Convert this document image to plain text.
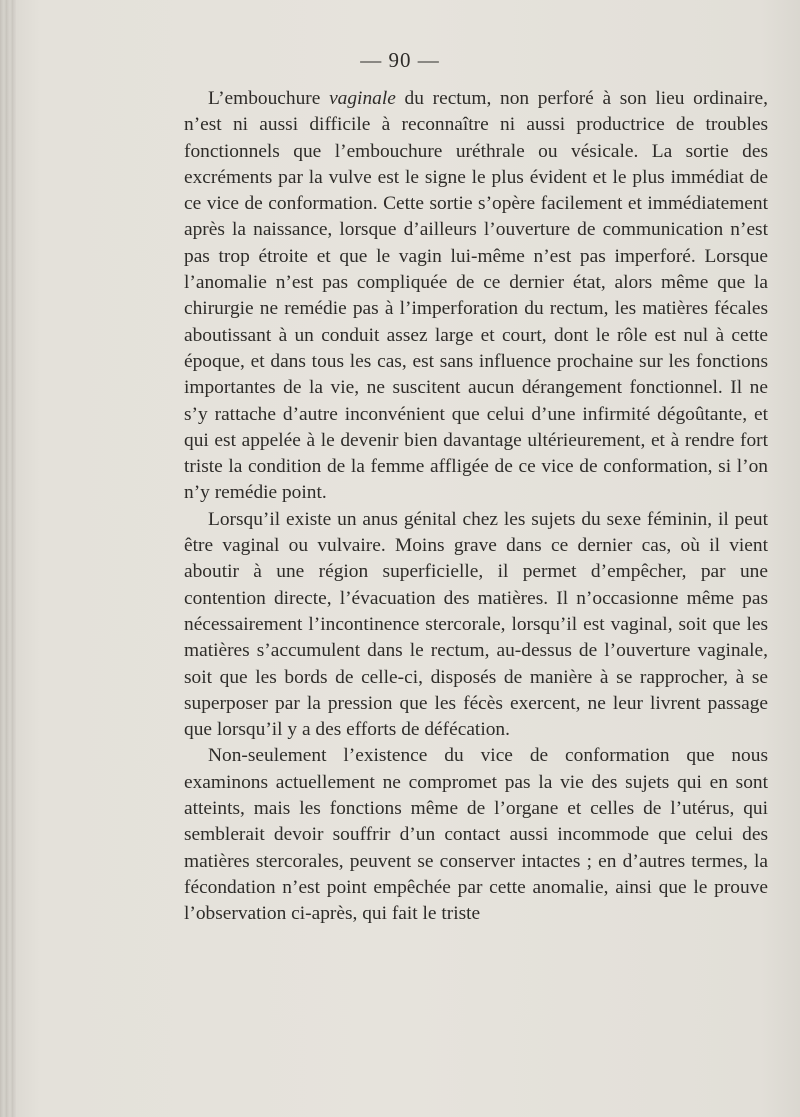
— 90 —

L’embouchure vaginale du rectum, non perforé à son lieu ordinaire, n’est ni aussi difficile à reconnaître ni aussi productrice de troubles fonctionnels que l’embouchure uréthrale ou vésicale. La sortie des excréments par la vulve est le signe le plus évident et le plus immédiat de ce vice de conformation. Cette sortie s’opère facilement et immédiatement après la naissance, lorsque d’ailleurs l’ouverture de communication n’est pas trop étroite et que le vagin lui-même n’est pas imperforé. Lorsque l’anomalie n’est pas compliquée de ce dernier état, alors même que la chirurgie ne remédie pas à l’imperforation du rectum, les matières fécales aboutissant à un conduit assez large et court, dont le rôle est nul à cette époque, et dans tous les cas, est sans influence prochaine sur les fonctions importantes de la vie, ne suscitent aucun dérangement fonctionnel. Il ne s’y rattache d’autre inconvénient que celui d’une infirmité dégoûtante, et qui est appelée à le devenir bien davantage ultérieurement, et à rendre fort triste la condition de la femme affligée de ce vice de conformation, si l’on n’y remédie point.

Lorsqu’il existe un anus génital chez les sujets du sexe féminin, il peut être vaginal ou vulvaire. Moins grave dans ce dernier cas, où il vient aboutir à une région superficielle, il permet d’empêcher, par une contention directe, l’évacuation des matières. Il n’occasionne même pas nécessairement l’incontinence stercorale, lorsqu’il est vaginal, soit que les matières s’accumulent dans le rectum, au-dessus de l’ouverture vaginale, soit que les bords de celle-ci, disposés de manière à se rapprocher, à se superposer par la pression que les fécès exercent, ne leur livrent passage que lorsqu’il y a des efforts de défécation.

Non-seulement l’existence du vice de conformation que nous examinons actuellement ne compromet pas la vie des sujets qui en sont atteints, mais les fonctions même de l’organe et celles de l’utérus, qui semblerait devoir souffrir d’un contact aussi incommode que celui des matières stercorales, peuvent se conserver intactes ; en d’autres termes, la fécondation n’est point empêchée par cette anomalie, ainsi que le prouve l’observation ci-après, qui fait le triste
